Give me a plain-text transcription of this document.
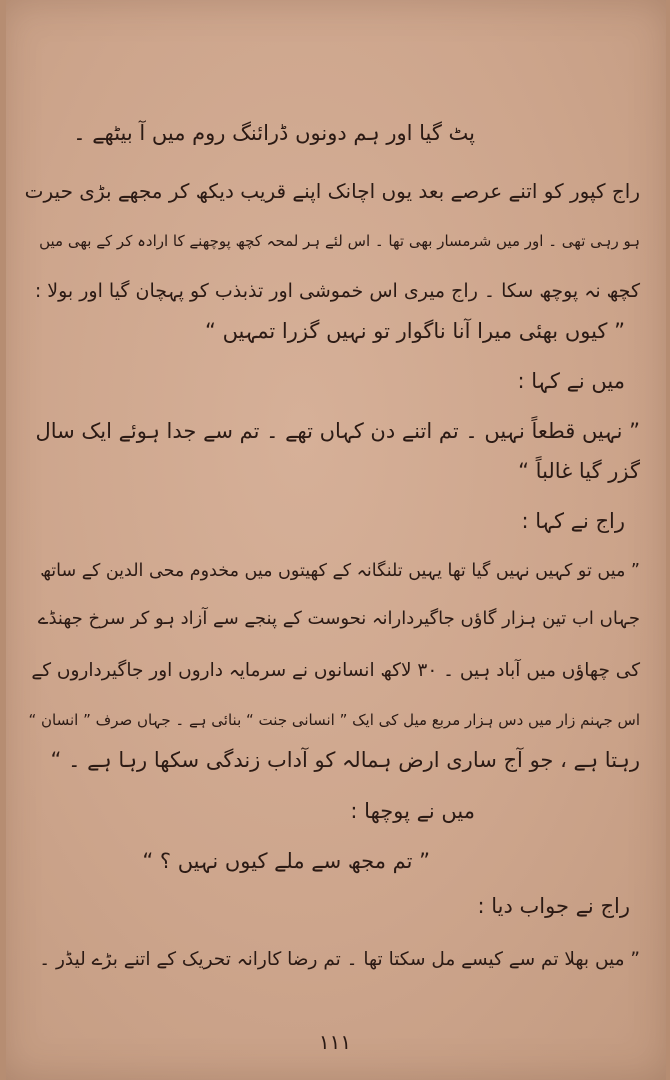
پٹ گیا اور ہم دونوں ڈرائنگ روم میں آ بیٹھے ۔
راج کپور کو اتنے عرصے بعد یوں اچانک اپنے قریب دیکھ کر مجھے بڑی حیرت
ہو رہی تھی ۔ اور میں شرمسار بھی تھا ۔ اس لئے ہر لمحہ کچھ پوچھنے کا ارادہ کر کے بھی میں
کچھ نہ پوچھ سکا ۔ راج میری اس خموشی اور تذبذب کو پہچان گیا اور بولا :
” کیوں بھئی میرا آنا ناگوار تو نہیں گزرا تمہیں “
میں نے کہا :
” نہیں قطعاً نہیں ۔ تم اتنے دن کہاں تھے ۔ تم سے جدا ہوئے ایک سال
گزر گیا غالباً “
راج نے کہا :
” میں تو کہیں نہیں گیا تھا یہیں تلنگانہ کے کھیتوں میں مخدوم محی الدین کے ساتھ
جہاں اب تین ہزار گاؤں جاگیردارانہ نحوست کے پنجے سے آزاد ہو کر سرخ جھنڈے
کی چھاؤں میں آباد ہیں ۔ ۳۰ لاکھ انسانوں نے سرمایہ داروں اور جاگیرداروں کے
اس جہنم زار میں دس ہزار مربع میل کی ایک ” انسانی جنت “ بنائی ہے ۔ جہاں صرف ” انسان “
رہتا ہے ، جو آج ساری ارض ہمالہ کو آداب زندگی سکھا رہا ہے ۔ “
میں نے پوچھا :
” تم مجھ سے ملے کیوں نہیں ؟ “
راج نے جواب دیا :
” میں بھلا تم سے کیسے مل سکتا تھا ۔ تم رضا کارانہ تحریک کے اتنے بڑے لیڈر ۔
۱۱۱
